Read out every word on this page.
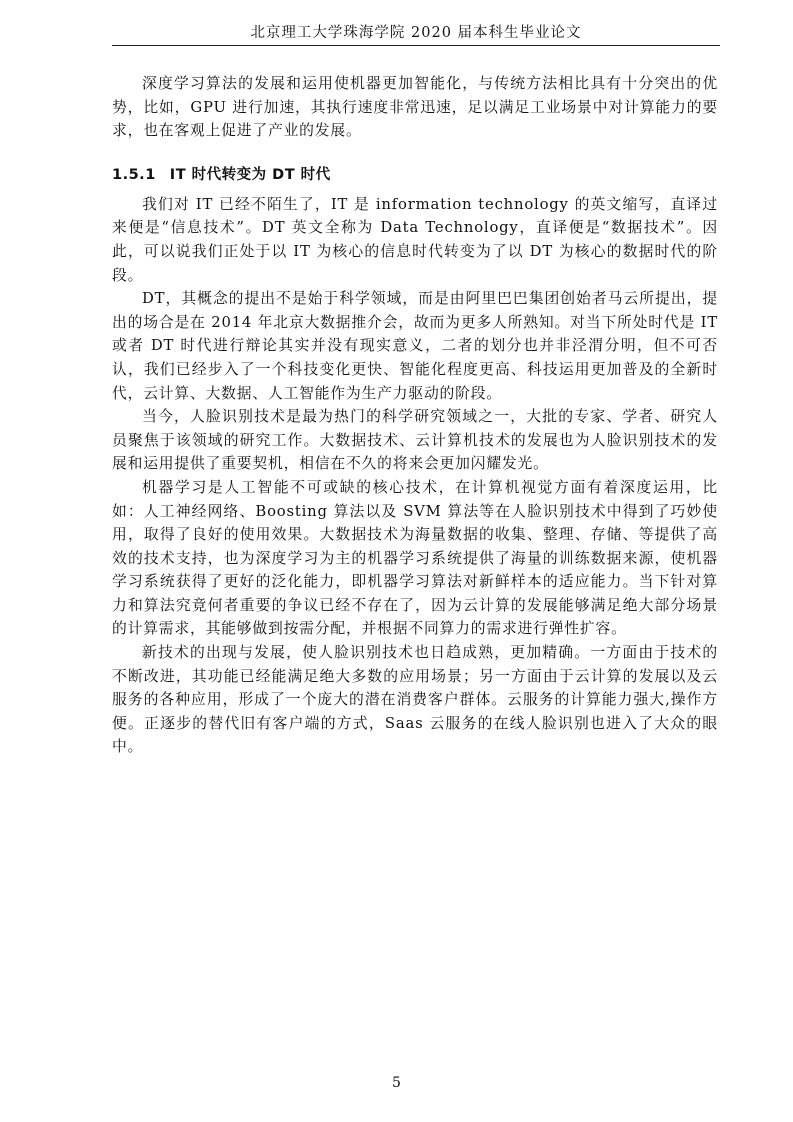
北京理工大学珠海学院 2020 届本科生毕业论文

深度学习算法的发展和运用使机器更加智能化，与传统方法相比具有十分突出的优势，比如，GPU 进行加速，其执行速度非常迅速，足以满足工业场景中对计算能力的要求，也在客观上促进了产业的发展。

1.5.1 IT 时代转变为 DT 时代

我们对 IT 已经不陌生了，IT 是 information technology 的英文缩写，直译过来便是“信息技术”。DT 英文全称为 Data Technology，直译便是“数据技术”。因此，可以说我们正处于以 IT 为核心的信息时代转变为了以 DT 为核心的数据时代的阶段。

DT，其概念的提出不是始于科学领域，而是由阿里巴巴集团创始者马云所提出，提出的场合是在 2014 年北京大数据推介会，故而为更多人所熟知。对当下所处时代是 IT 或者 DT 时代进行辩论其实并没有现实意义，二者的划分也并非泾渭分明，但不可否认，我们已经步入了一个科技变化更快、智能化程度更高、科技运用更加普及的全新时代，云计算、大数据、人工智能作为生产力驱动的阶段。

当今，人脸识别技术是最为热门的科学研究领域之一，大批的专家、学者、研究人员聚焦于该领域的研究工作。大数据技术、云计算机技术的发展也为人脸识别技术的发展和运用提供了重要契机，相信在不久的将来会更加闪耀发光。

机器学习是人工智能不可或缺的核心技术，在计算机视觉方面有着深度运用，比如：人工神经网络、Boosting 算法以及 SVM 算法等在人脸识别技术中得到了巧妙使用，取得了良好的使用效果。大数据技术为海量数据的收集、整理、存储、等提供了高效的技术支持，也为深度学习为主的机器学习系统提供了海量的训练数据来源，使机器学习系统获得了更好的泛化能力，即机器学习算法对新鲜样本的适应能力。当下针对算力和算法究竟何者重要的争议已经不存在了，因为云计算的发展能够满足绝大部分场景的计算需求，其能够做到按需分配，并根据不同算力的需求进行弹性扩容。

新技术的出现与发展，使人脸识别技术也日趋成熟，更加精确。一方面由于技术的不断改进，其功能已经能满足绝大多数的应用场景；另一方面由于云计算的发展以及云服务的各种应用，形成了一个庞大的潜在消费客户群体。云服务的计算能力强大,操作方便。正逐步的替代旧有客户端的方式，Saas 云服务的在线人脸识别也进入了大众的眼中。

5
